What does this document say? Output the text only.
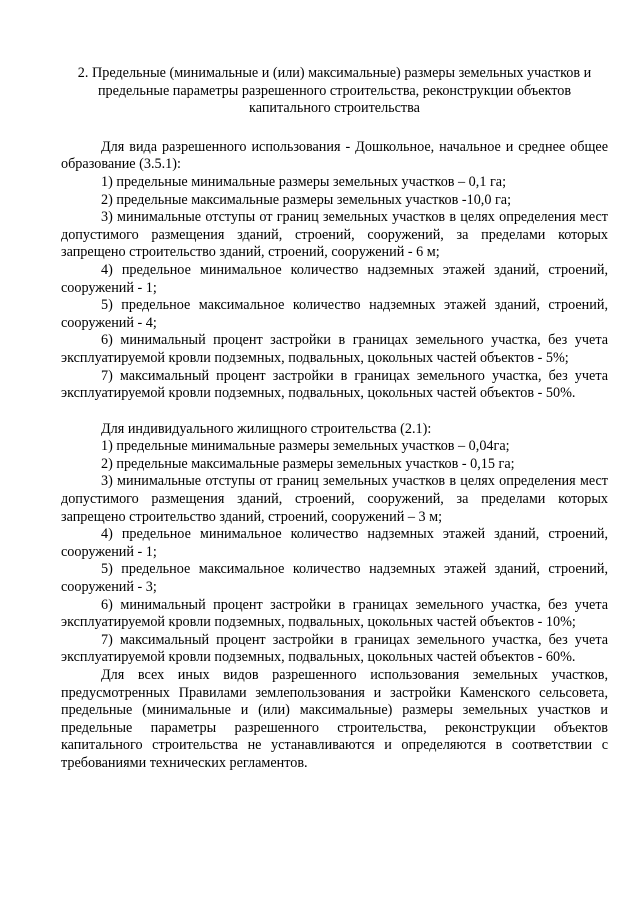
2. Предельные (минимальные и (или) максимальные) размеры земельных участков и предельные параметры разрешенного строительства, реконструкции объектов капитального строительства

Для вида разрешенного использования - Дошкольное, начальное и среднее общее образование (3.5.1):

1) предельные минимальные размеры земельных участков – 0,1 га;

2) предельные максимальные размеры земельных участков -10,0 га;

3) минимальные отступы от границ земельных участков в целях определения мест допустимого размещения зданий, строений, сооружений, за пределами которых запрещено строительство зданий, строений, сооружений - 6 м;

4) предельное минимальное количество надземных этажей зданий, строений, сооружений - 1;

5) предельное максимальное количество надземных этажей зданий, строений, сооружений - 4;

6) минимальный процент застройки в границах земельного участка, без учета эксплуатируемой кровли подземных, подвальных, цокольных частей объектов - 5%;

7) максимальный процент застройки в границах земельного участка, без учета эксплуатируемой кровли подземных, подвальных, цокольных частей объектов - 50%.

Для индивидуального жилищного строительства (2.1):

1) предельные минимальные размеры земельных участков – 0,04га;

2) предельные максимальные размеры земельных участков - 0,15 га;

3) минимальные отступы от границ земельных участков в целях определения мест допустимого размещения зданий, строений, сооружений, за пределами которых запрещено строительство зданий, строений, сооружений – 3 м;

4) предельное минимальное количество надземных этажей зданий, строений, сооружений - 1;

5) предельное максимальное количество надземных этажей зданий, строений, сооружений - 3;

6) минимальный процент застройки в границах земельного участка, без учета эксплуатируемой кровли подземных, подвальных, цокольных частей объектов - 10%;

7) максимальный процент застройки в границах земельного участка, без учета эксплуатируемой кровли подземных, подвальных, цокольных частей объектов - 60%.

Для всех иных видов разрешенного использования земельных участков, предусмотренных Правилами землепользования и застройки Каменского сельсовета, предельные (минимальные и (или) максимальные) размеры земельных участков и предельные параметры разрешенного строительства, реконструкции объектов капитального строительства не устанавливаются и определяются в соответствии с требованиями технических регламентов.
